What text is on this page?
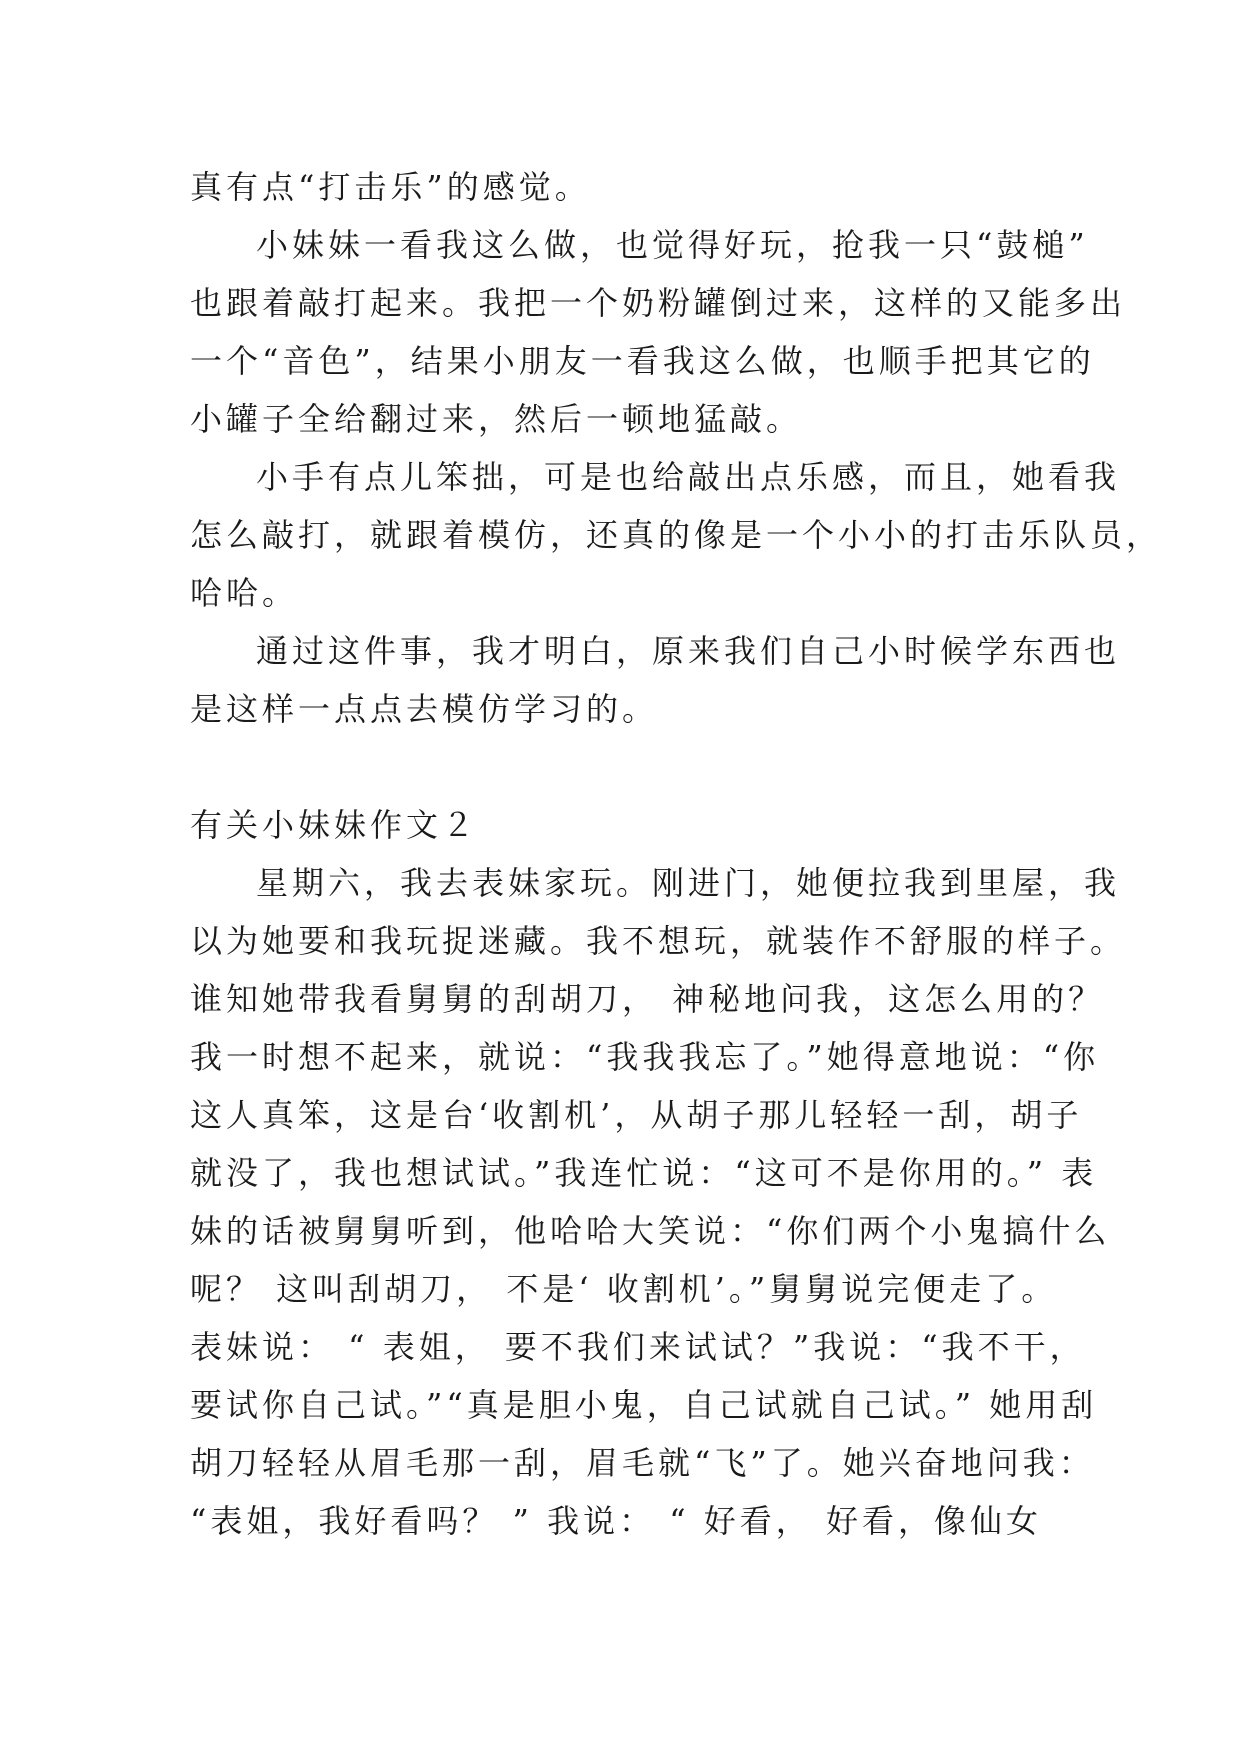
真有点“打击乐”的感觉。
小妹妹一看我这么做，也觉得好玩，抢我一只“鼓槌”
也跟着敲打起来。我把一个奶粉罐倒过来，这样的又能多出
一个“音色”，结果小朋友一看我这么做，也顺手把其它的
小罐子全给翻过来，然后一顿地猛敲。
小手有点儿笨拙，可是也给敲出点乐感，而且，她看我
怎么敲打，就跟着模仿，还真的像是一个小小的打击乐队员，
哈哈。
通过这件事，我才明白，原来我们自己小时候学东西也
是这样一点点去模仿学习的。
有关小妹妹作文２
星期六，我去表妹家玩。刚进门，她便拉我到里屋，我
以为她要和我玩捉迷藏。我不想玩，就装作不舒服的样子。
谁知她带我看舅舅的刮胡刀， 神秘地问我，这怎么用的？
我一时想不起来，就说：“我我我忘了。”她得意地说：“你
这人真笨，这是台‘收割机’，从胡子那儿轻轻一刮，胡子
就没了，我也想试试。”我连忙说：“这可不是你用的。” 表
妹的话被舅舅听到，他哈哈大笑说：“你们两个小鬼搞什么
呢？ 这叫刮胡刀， 不是‘ 收割机’。”舅舅说完便走了。
表妹说： “ 表姐， 要不我们来试试？”我说：“我不干，
要试你自己试。”“真是胆小鬼，自己试就自己试。” 她用刮
胡刀轻轻从眉毛那一刮，眉毛就“飞”了。她兴奋地问我：
“表姐，我好看吗？ ” 我说： “ 好看， 好看，像仙女
